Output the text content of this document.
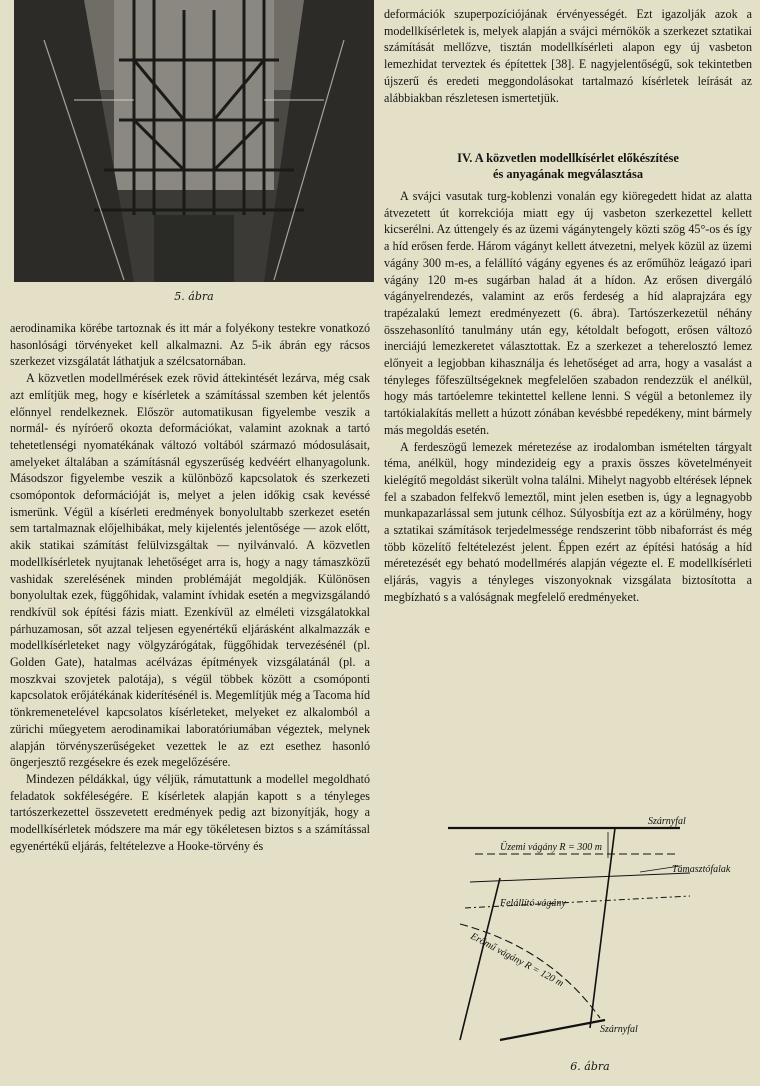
5. ábra

aerodinamika körébe tartoznak és itt már a folyékony testekre vonatkozó hasonlósági törvényeket kell alkalmazni. Az 5-ik ábrán egy rácsos szerkezet vizsgálatát láthatjuk a szélcsatornában.

A közvetlen modellmérések ezek rövid áttekintését lezárva, még csak azt említjük meg, hogy e kísérletek a számítással szemben két jelentős előnnyel rendelkeznek. Először automatikusan figyelembe veszik a normál- és nyíróerő okozta deformációkat, valamint azoknak a tartó tehetetlenségi nyomatékának változó voltából származó módosulásait, amelyeket általában a számításnál egyszerűség kedvéért elhanyagolunk. Másodszor figyelembe veszik a különböző kapcsolatok és szerkezeti csomópontok deformációját is, melyet a jelen időkig csak kevéssé ismerünk. Végül a kísérleti eredmények bonyolultabb szerkezet esetén sem tartalmaznak előjelhibákat, mely kijelentés jelentősége — azok előtt, akik statikai számítást felülvizsgáltak — nyilvánvaló. A közvetlen modellkísérletek nyujtanak lehetőséget arra is, hogy a nagy támaszközű vashidak szerelésének minden problémáját megoldják. Különösen bonyolultak ezek, függőhidak, valamint ívhidak esetén a megvizsgálandó rendkívül sok építési fázis miatt. Ezenkívül az elméleti vizsgálatokkal párhuzamosan, sőt azzal teljesen egyenértékű eljárásként alkalmazzák e modellkísérleteket nagy völgyzárógátak, függőhidak tervezésénél (pl. Golden Gate), hatalmas acélvázas építmények vizsgálatánál (pl. a moszkvai szovjetek palotája), s végül többek között a csomóponti kapcsolatok erőjátékának kiderítésénél is. Megemlítjük még a Tacoma híd tönkremenetelével kapcsolatos kísérleteket, melyeket ez alkalomból a zürichi műegyetem aerodinamikai laboratóriumában végeztek, melynek alapján törvényszerűségeket vezettek le az ezt esethez hasonló öngerjesztő rezgésekre és ezek megelőzésére.

Mindezen példákkal, úgy véljük, rámutattunk a modellel megoldható feladatok sokféleségére. E kísérletek alapján kapott s a tényleges tartószerkezettel összevetett eredmények pedig azt bizonyítják, hogy a modellkísérletek módszere ma már egy tökéletesen biztos s a számítással egyenértékű eljárás, feltételezve a Hooke-törvény és

deformációk szuperpozíciójának érvényességét. Ezt igazolják azok a modellkísérletek is, melyek alapján a svájci mérnökök a szerkezet sztatikai számítását mellőzve, tisztán modellkísérleti alapon egy új vasbeton lemezhidat terveztek és építettek [38]. E nagyjelentőségű, sok tekintetben újszerű és eredeti meggondolásokat tartalmazó kísérletek leírását az alábbiakban részletesen ismertetjük.

IV. A közvetlen modellkísérlet előkészítése
és anyagának megválasztása

A svájci vasutak turg-koblenzi vonalán egy kiöregedett hidat az alatta átvezetett út korrekciója miatt egy új vasbeton szerkezettel kellett kicserélni. Az úttengely és az üzemi vágánytengely közti szög 45°-os és így a híd erősen ferde. Három vágányt kellett átvezetni, melyek közül az üzemi vágány 300 m-es, a felállító vágány egyenes és az erőműhöz leágazó ipari vágány 120 m-es sugárban halad át a hídon. Az erősen divergáló vágányelrendezés, valamint az erős ferdeség a híd alaprajzára egy trapézalakú lemezt eredményezett (6. ábra). Tartószerkezetül néhány összehasonlító tanulmány után egy, kétoldalt befogott, erősen változó inerciájú lemezkeretet választottak. Ez a szerkezet a teherelosztó lemez előnyeit a legjobban kihasználja és lehetőséget ad arra, hogy a vasalást a tényleges főfeszültségeknek megfelelően szabadon rendezzük el anélkül, hogy más tartóelemre tekintettel kellene lenni. S végül a betonlemez ily tartókialakítás mellett a húzott zónában kevésbbé repedékeny, mint bármely más megoldás esetén.

A ferdeszögű lemezek méretezése az irodalomban ismételten tárgyalt téma, anélkül, hogy mindezideig egy a praxis összes követelményeit kielégítő megoldást sikerült volna találni. Mihelyt nagyobb eltérések lépnek fel a szabadon felfekvő lemeztől, mint jelen esetben is, úgy a legnagyobb munkapazarlással sem jutunk célhoz. Súlyosbítja ezt az a körülmény, hogy a sztatikai számítások terjedelmessége rendszerint több nibaforrást és még több közelítő feltételezést jelent. Éppen ezért az építési hatóság a híd méretezését egy beható modellmérés alapján végezte el. E modellkísérleti eljárás, vagyis a tényleges viszonyoknak vizsgálata biztosította a megbízható s a valóságnak megfelelő eredményeket.

Szárnyfal
Üzemi vágány R = 300 m
Támasztófalak
Felállító vágány
Erőmű vágány R = 120 m
Szárnyfal
6. ábra
